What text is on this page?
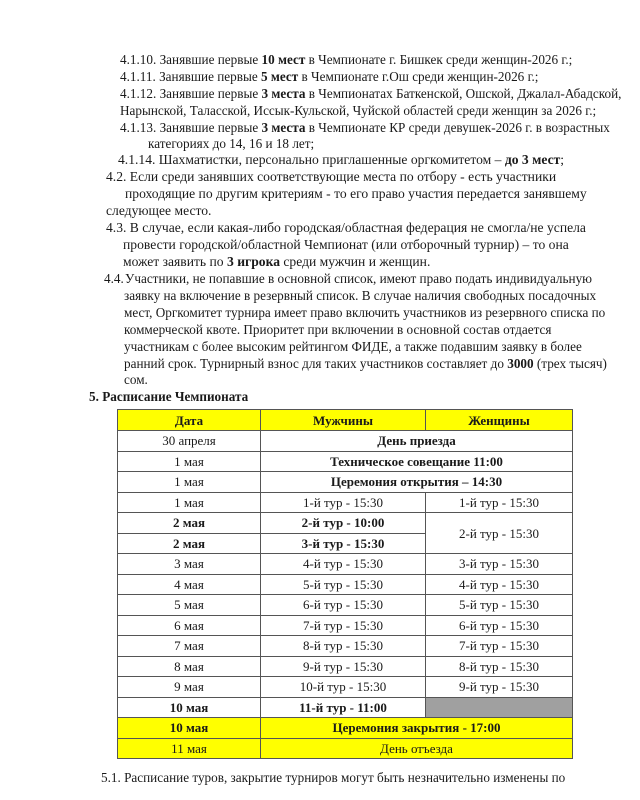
4.1.10. Занявшие первые 10 мест в Чемпионате г. Бишкек среди женщин-2026 г.;
4.1.11. Занявшие первые 5 мест в Чемпионате г.Ош среди женщин-2026 г.;
4.1.12. Занявшие первые 3 места в Чемпионатах Баткенской, Ошской, Джалал-Абадской,
Нарынской, Таласской, Иссык-Кульской, Чуйской областей среди женщин за 2026 г.;
4.1.13. Занявшие первые 3 места в Чемпионате КР среди девушек-2026 г. в возрастных
категориях до 14, 16 и 18 лет;
4.1.14. Шахматистки, персонально приглашенные оргкомитетом – до 3 мест;
4.2. Если среди занявших соответствующие места по отбору - есть участники
проходящие по другим критериям - то его право участия передается занявшему
следующее место.
4.3. В случае, если какая-либо городская/областная федерация не смогла/не успела
провести городской/областной Чемпионат (или отборочный турнир) – то она
может заявить по 3 игрока среди мужчин и женщин.
4.4. Участники, не попавшие в основной список, имеют право подать индивидуальную
заявку на включение в резервный список. В случае наличия свободных посадочных
мест, Оргкомитет турнира имеет право включить участников из резервного списка по
коммерческой квоте. Приоритет при включении в основной состав отдается
участникам с более высоким рейтингом ФИДЕ, а также подавшим заявку в более
ранний срок. Турнирный взнос для таких участников составляет до 3000 (трех тысяч)
сом.
5. Расписание Чемпионата
Дата	Мужчины	Женщины
30 апреля	День приезда	
1 мая	Техническое совещание 11:00	
1 мая	Церемония открытия – 14:30	
1 мая	1-й тур - 15:30	1-й тур - 15:30
2 мая	2-й тур - 10:00	2-й тур - 15:30
2 мая	3-й тур - 15:30	
3 мая	4-й тур - 15:30	3-й тур - 15:30
4 мая	5-й тур - 15:30	4-й тур - 15:30
5 мая	6-й тур - 15:30	5-й тур - 15:30
6 мая	7-й тур - 15:30	6-й тур - 15:30
7 мая	8-й тур - 15:30	7-й тур - 15:30
8 мая	9-й тур - 15:30	8-й тур - 15:30
9 мая	10-й тур - 15:30	9-й тур - 15:30
10 мая	11-й тур - 11:00	
10 мая	Церемония закрытия - 17:00	
11 мая	День отъезда	
5.1. Расписание туров, закрытие турниров могут быть незначительно изменены по
